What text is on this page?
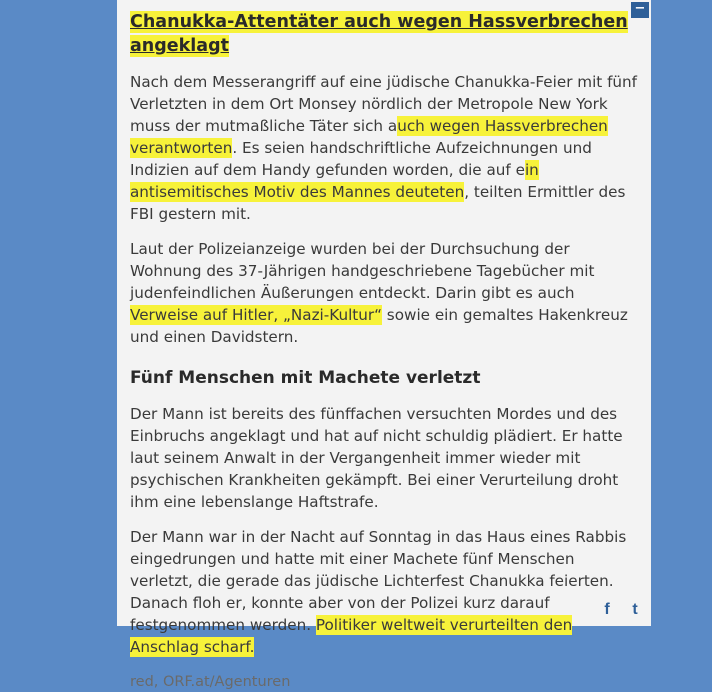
Chanukka-Attentäter auch wegen Hassverbrechen angeklagt

Nach dem Messerangriff auf eine jüdische Chanukka-Feier mit fünf Verletzten in dem Ort Monsey nördlich der Metropole New York muss der mutmaßliche Täter sich auch wegen Hassverbrechen verantworten. Es seien handschriftliche Aufzeichnungen und Indizien auf dem Handy gefunden worden, die auf ein antisemitisches Motiv des Mannes deuteten, teilten Ermittler des FBI gestern mit.

Laut der Polizeianzeige wurden bei der Durchsuchung der Wohnung des 37-Jährigen handgeschriebene Tagebücher mit judenfeindlichen Äußerungen entdeckt. Darin gibt es auch Verweise auf Hitler, „Nazi-Kultur“ sowie ein gemaltes Hakenkreuz und einen Davidstern.

Fünf Menschen mit Machete verletzt

Der Mann ist bereits des fünffachen versuchten Mordes und des Einbruchs angeklagt und hat auf nicht schuldig plädiert. Er hatte laut seinem Anwalt in der Vergangenheit immer wieder mit psychischen Krankheiten gekämpft. Bei einer Verurteilung droht ihm eine lebenslange Haftstrafe.

Der Mann war in der Nacht auf Sonntag in das Haus eines Rabbis eingedrungen und hatte mit einer Machete fünf Menschen verletzt, die gerade das jüdische Lichterfest Chanukka feierten. Danach floh er, konnte aber von der Polizei kurz darauf festgenommen werden. Politiker weltweit verurteilten den Anschlag scharf.

red, ORF.at/Agenturen
f	t
−
